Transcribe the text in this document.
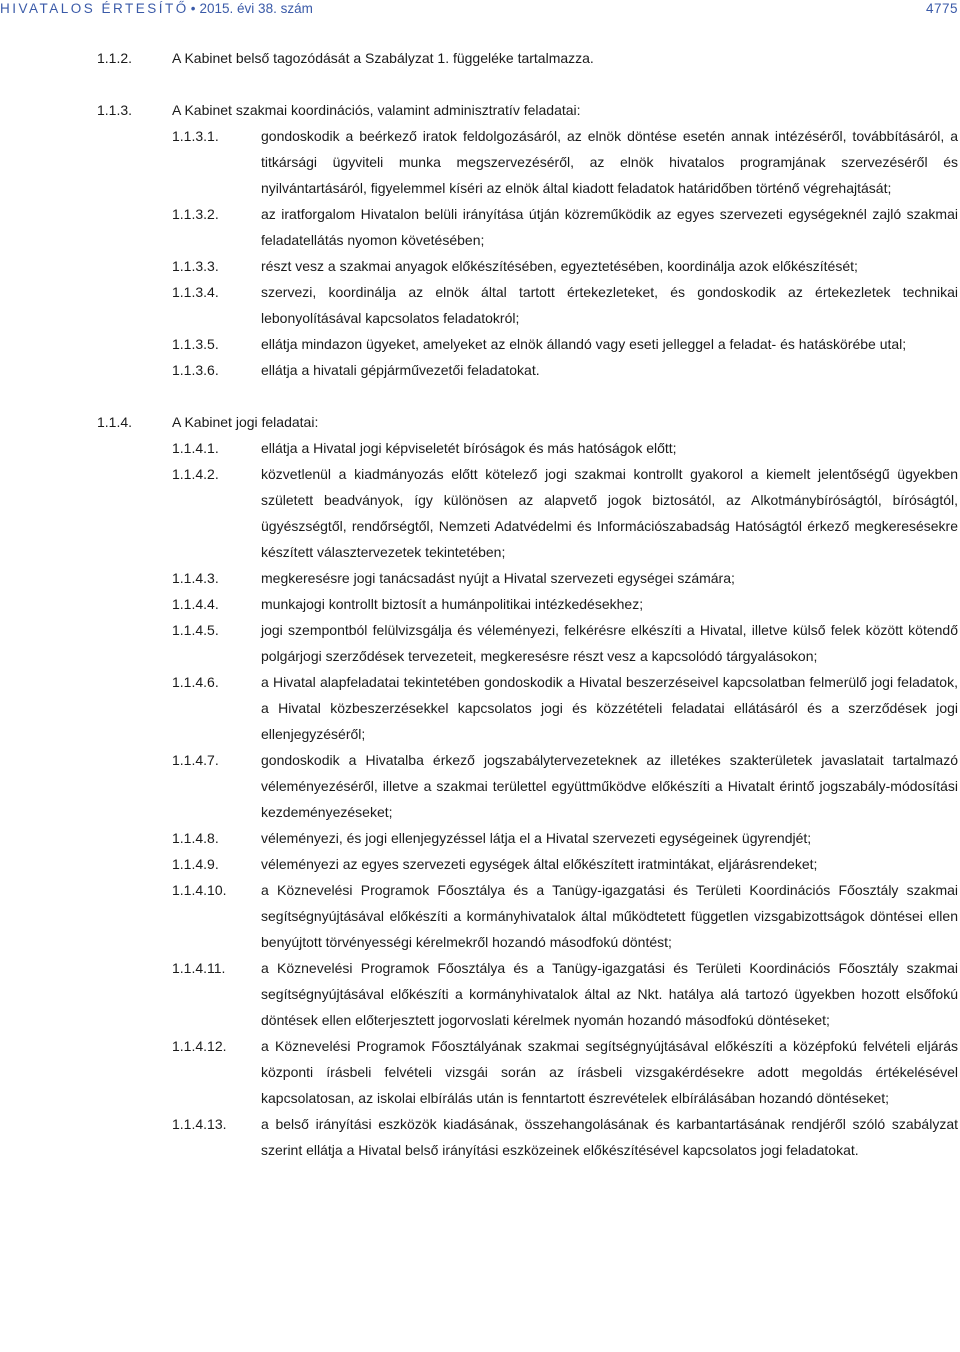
HIVATALOS ÉRTESÍTŐ • 2015. évi 38. szám	4775
1.1.2.	A Kabinet belső tagozódását a Szabályzat 1. függeléke tartalmazza.
1.1.3.	A Kabinet szakmai koordinációs, valamint adminisztratív feladatai:
1.1.3.1.	gondoskodik a beérkező iratok feldolgozásáról, az elnök döntése esetén annak intézéséről, továbbításáról, a titkársági ügyviteli munka megszervezéséről, az elnök hivatalos programjának szervezéséről és nyilvántartásáról, figyelemmel kíséri az elnök által kiadott feladatok határidőben történő végrehajtását;
1.1.3.2.	az iratforgalom Hivatalon belüli irányítása útján közreműködik az egyes szervezeti egységeknél zajló szakmai feladatellátás nyomon követésében;
1.1.3.3.	részt vesz a szakmai anyagok előkészítésében, egyeztetésében, koordinálja azok előkészítését;
1.1.3.4.	szervezi, koordinálja az elnök által tartott értekezleteket, és gondoskodik az értekezletek technikai lebonyolításával kapcsolatos feladatokról;
1.1.3.5.	ellátja mindazon ügyeket, amelyeket az elnök állandó vagy eseti jelleggel a feladat- és hatáskörébe utal;
1.1.3.6.	ellátja a hivatali gépjárművezetői feladatokat.
1.1.4.	A Kabinet jogi feladatai:
1.1.4.1.	ellátja a Hivatal jogi képviseletét bíróságok és más hatóságok előtt;
1.1.4.2.	közvetlenül a kiadmányozás előtt kötelező jogi szakmai kontrollt gyakorol a kiemelt jelentőségű ügyekben született beadványok, így különösen az alapvető jogok biztosától, az Alkotmánybíróságtól, bíróságtól, ügyészségtől, rendőrségtől, Nemzeti Adatvédelmi és Információszabadság Hatóságtól érkező megkeresésekre készített választervezetek tekintetében;
1.1.4.3.	megkeresésre jogi tanácsadást nyújt a Hivatal szervezeti egységei számára;
1.1.4.4.	munkajogi kontrollt biztosít a humánpolitikai intézkedésekhez;
1.1.4.5.	jogi szempontból felülvizsgálja és véleményezi, felkérésre elkészíti a Hivatal, illetve külső felek között kötendő polgárjogi szerződések tervezeteit, megkeresésre részt vesz a kapcsolódó tárgyalásokon;
1.1.4.6.	a Hivatal alapfeladatai tekintetében gondoskodik a Hivatal beszerzéseivel kapcsolatban felmerülő jogi feladatok, a Hivatal közbeszerzésekkel kapcsolatos jogi és közzétételi feladatai ellátásáról és a szerződések jogi ellenjegyzéséről;
1.1.4.7.	gondoskodik a Hivatalba érkező jogszabálytervezeteknek az illetékes szakterületek javaslatait tartalmazó véleményezéséről, illetve a szakmai területtel együttműködve előkészíti a Hivatalt érintő jogszabály-módosítási kezdeményezéseket;
1.1.4.8.	véleményezi, és jogi ellenjegyzéssel látja el a Hivatal szervezeti egységeinek ügyrendjét;
1.1.4.9.	véleményezi az egyes szervezeti egységek által előkészített iratmintákat, eljárásrendeket;
1.1.4.10. a Köznevelési Programok Főosztálya és a Tanügy-igazgatási és Területi Koordinációs Főosztály szakmai segítségnyújtásával előkészíti a kormányhivatalok által működtetett független vizsgabizottságok döntései ellen benyújtott törvényességi kérelmekről hozandó másodfokú döntést;
1.1.4.11.	a Köznevelési Programok Főosztálya és a Tanügy-igazgatási és Területi Koordinációs Főosztály szakmai segítségnyújtásával előkészíti a kormányhivatalok által az Nkt. hatálya alá tartozó ügyekben hozott elsőfokú döntések ellen előterjesztett jogorvoslati kérelmek nyomán hozandó másodfokú döntéseket;
1.1.4.12. a Köznevelési Programok Főosztályának szakmai segítségnyújtásával előkészíti a középfokú felvételi eljárás központi írásbeli felvételi vizsgái során az írásbeli vizsgakérdésekre adott megoldás értékelésével kapcsolatosan, az iskolai elbírálás után is fenntartott észrevételek elbírálásában hozandó döntéseket;
1.1.4.13. a belső irányítási eszközök kiadásának, összehangolásának és karbantartásának rendjéről szóló szabályzat szerint ellátja a Hivatal belső irányítási eszközeinek előkészítésével kapcsolatos jogi feladatokat.
